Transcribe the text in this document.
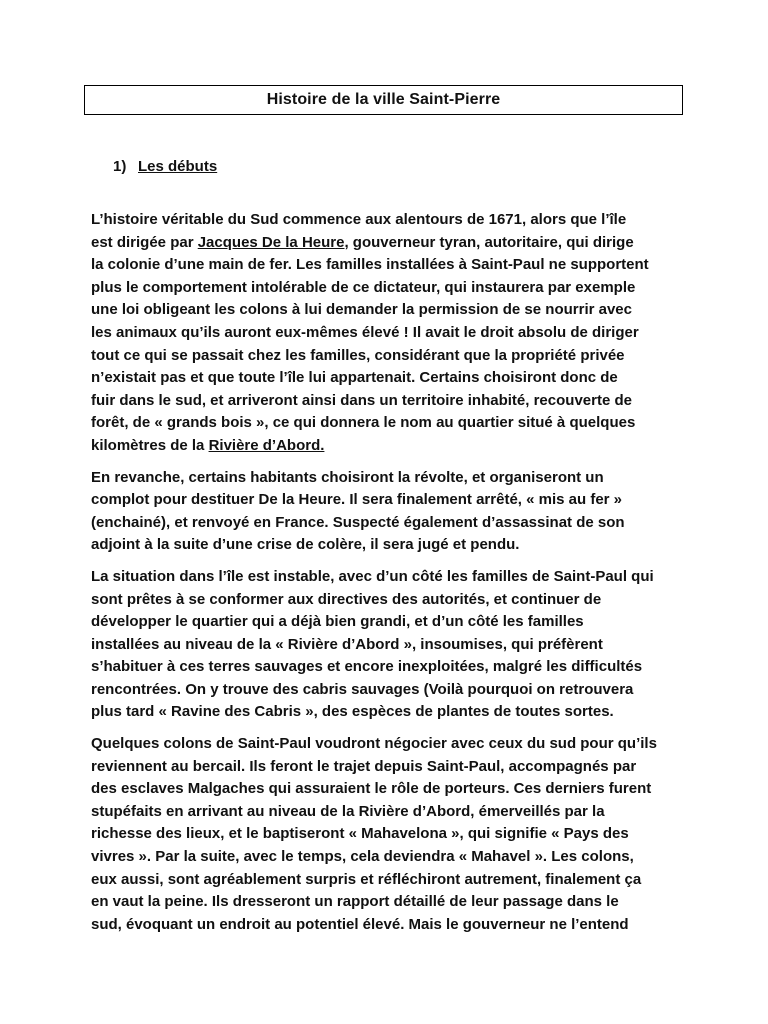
Histoire de la ville Saint-Pierre
1) Les débuts

L’histoire véritable du Sud commence aux alentours de 1671, alors que l’île
est dirigée par Jacques De la Heure, gouverneur tyran, autoritaire, qui dirige
la colonie d’une main de fer. Les familles installées à Saint-Paul ne supportent
plus le comportement intolérable de ce dictateur, qui instaurera par exemple
une loi obligeant les colons à lui demander la permission de se nourrir avec
les animaux qu’ils auront eux-mêmes élevé ! Il avait le droit absolu de diriger
tout ce qui se passait chez les familles, considérant que la propriété privée
n’existait pas et que toute l’île lui appartenait. Certains choisiront donc de
fuir dans le sud, et arriveront ainsi dans un territoire inhabité, recouverte de
forêt, de « grands bois », ce qui donnera le nom au quartier situé à quelques
kilomètres de la Rivière d’Abord.

En revanche, certains habitants choisiront la révolte, et organiseront un
complot pour destituer De la Heure. Il sera finalement arrêté, « mis au fer »
(enchainé), et renvoyé en France. Suspecté également d’assassinat de son
adjoint à la suite d’une crise de colère, il sera jugé et pendu.

La situation dans l’île est instable, avec d’un côté les familles de Saint-Paul qui
sont prêtes à se conformer aux directives des autorités, et continuer de
développer le quartier qui a déjà bien grandi, et d’un côté les familles
installées au niveau de la « Rivière d’Abord », insoumises, qui préfèrent
s’habituer à ces terres sauvages et encore inexploitées, malgré les difficultés
rencontrées. On y trouve des cabris sauvages (Voilà pourquoi on retrouvera
plus tard « Ravine des Cabris », des espèces de plantes de toutes sortes.

Quelques colons de Saint-Paul voudront négocier avec ceux du sud pour qu’ils
reviennent au bercail. Ils feront le trajet depuis Saint-Paul, accompagnés par
des esclaves Malgaches qui assuraient le rôle de porteurs. Ces derniers furent
stupéfaits en arrivant au niveau de la Rivière d’Abord, émerveillés par la
richesse des lieux, et le baptiseront « Mahavelona », qui signifie « Pays des
vivres ». Par la suite, avec le temps, cela deviendra « Mahavel ». Les colons,
eux aussi, sont agréablement surpris et réfléchiront autrement, finalement ça
en vaut la peine. Ils dresseront un rapport détaillé de leur passage dans le
sud, évoquant un endroit au potentiel élevé. Mais le gouverneur ne l’entend
